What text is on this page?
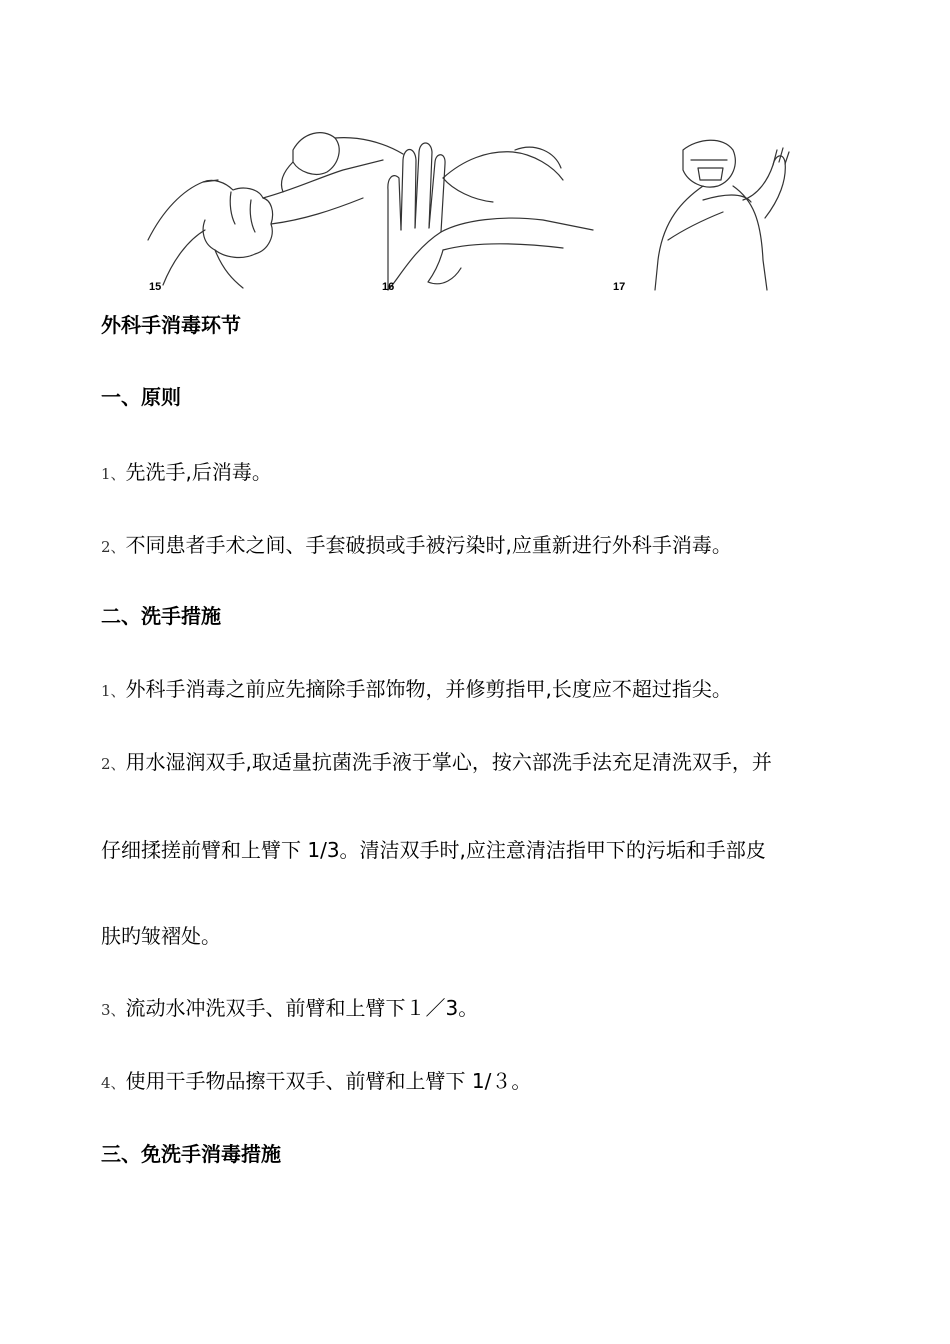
15	16	17
外科手消毒环节
一、原则
1、先洗手,后消毒。
2、不同患者手术之间、手套破损或手被污染时,应重新进行外科手消毒。
二、洗手措施
1、外科手消毒之前应先摘除手部饰物，并修剪指甲,长度应不超过指尖。
2、用水湿润双手,取适量抗菌洗手液于掌心，按六部洗手法充足清洗双手，并
仔细揉搓前臂和上臂下 1/3。清洁双手时,应注意清洁指甲下的污垢和手部皮
肤旳皱褶处。
3、流动水冲洗双手、前臂和上臂下１／3。
4、使用干手物品擦干双手、前臂和上臂下 1/３。
三、免洗手消毒措施
